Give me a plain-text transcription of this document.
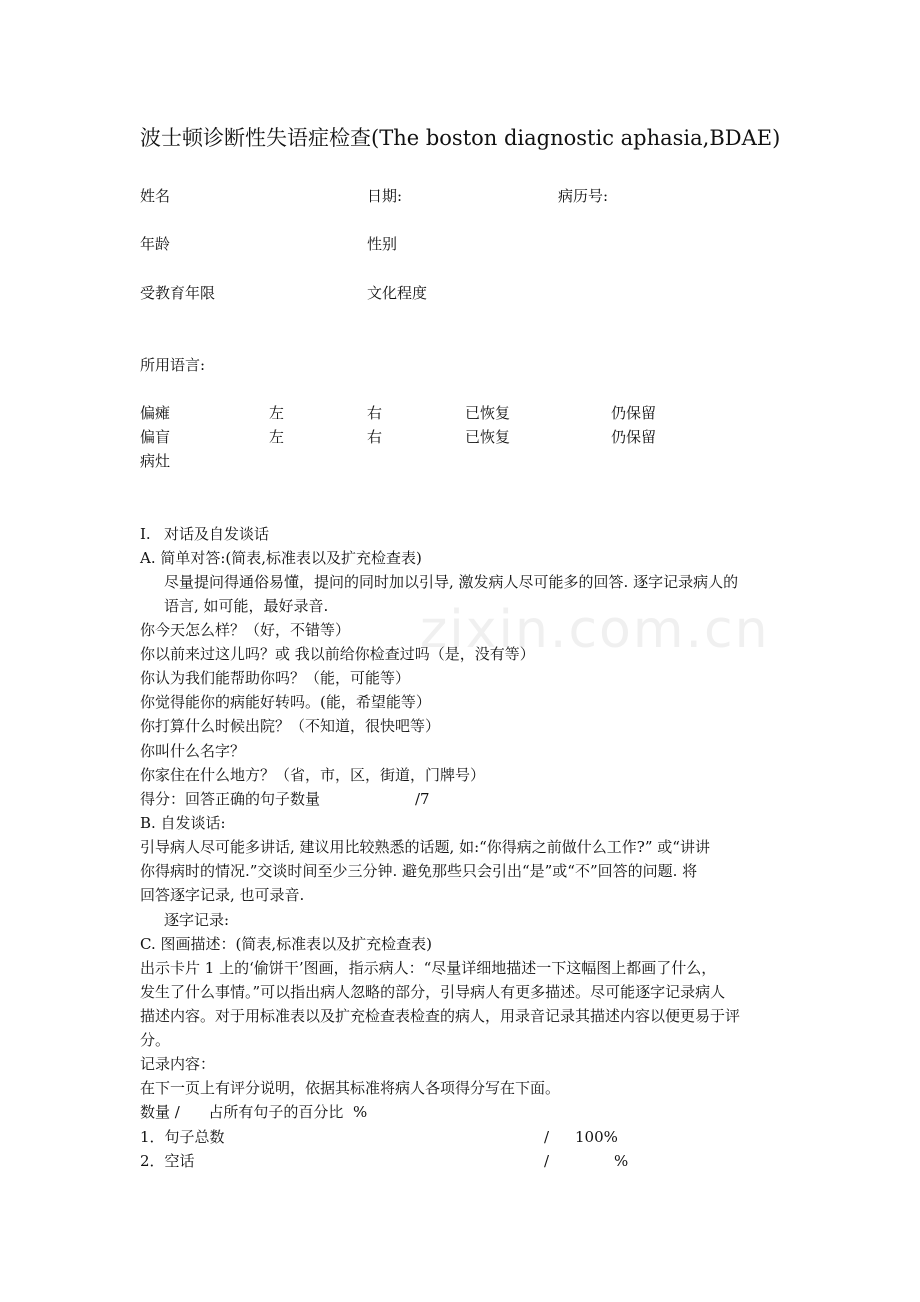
zixin.com.cn
波士顿诊断性失语症检查(The boston diagnostic aphasia,BDAE)
姓名	日期:	病历号:
年龄	性别
受教育年限	文化程度
所用语言:
偏瘫	左	右	已恢复	仍保留
偏盲	左	右	已恢复	仍保留
病灶
I. 对话及自发谈话
A. 简单对答:(简表,标准表以及扩充检查表)
尽量提问得通俗易懂，提问的同时加以引导, 激发病人尽可能多的回答. 逐字记录病人的
语言, 如可能，最好录音.
你今天怎么样？（好，不错等）
你以前来过这儿吗？或 我以前给你检查过吗（是，没有等）
你认为我们能帮助你吗？（能，可能等）
你觉得能你的病能好转吗。(能，希望能等）
你打算什么时候出院？（不知道，很快吧等）
你叫什么名字？
你家住在什么地方？（省，市，区，街道，门牌号）
得分：回答正确的句子数量	/7
B. 自发谈话:
引导病人尽可能多讲话, 建议用比较熟悉的话题, 如:“你得病之前做什么工作?” 或“讲讲
你得病时的情况.”交谈时间至少三分钟. 避免那些只会引出“是”或“不”回答的问题. 将
回答逐字记录, 也可录音.
逐字记录:
C. 图画描述：(简表,标准表以及扩充检查表)
出示卡片 1 上的‘偷饼干’图画，指示病人：“尽量详细地描述一下这幅图上都画了什么，
发生了什么事情。”可以指出病人忽略的部分，引导病人有更多描述。尽可能逐字记录病人
描述内容。对于用标准表以及扩充检查表检查的病人，用录音记录其描述内容以便更易于评
分。
记录内容：
在下一页上有评分说明，依据其标准将病人各项得分写在下面。
数量 /      占所有句子的百分比  %
1．句子总数	/ 100%
2．空话	/	%
